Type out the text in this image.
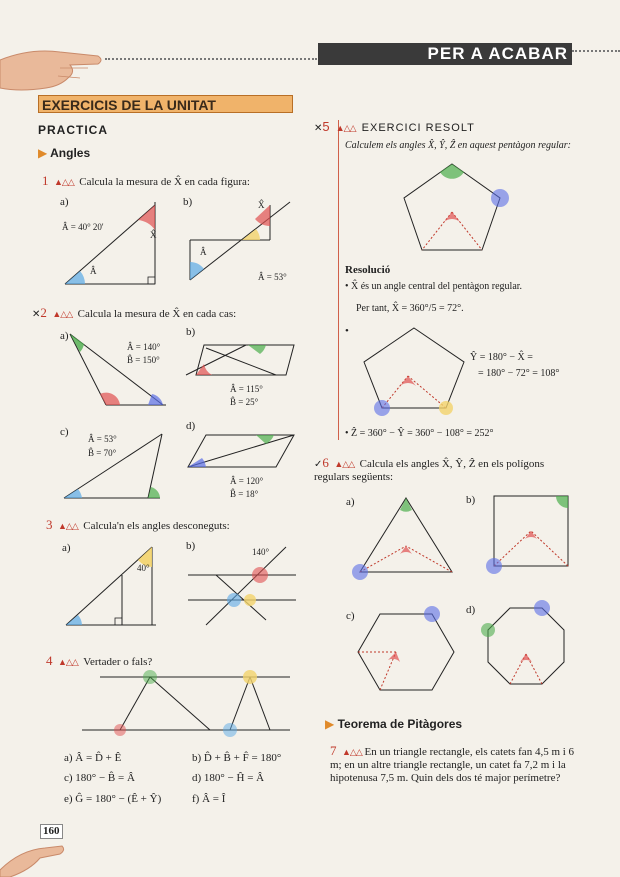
PER A ACABAR
EXERCICIS DE LA UNITAT
PRACTICA
▶ Angles
1 ▲△△ Calcula la mesura de X̂ en cada figura:
a)	b)
Â = 40° 20'
Â
X̂
X̂
Â
Â = 53°
✕2 ▲△△ Calcula la mesura de X̂ en cada cas:
a)	b)
Â = 140°
B̂ = 150°
Â = 115°
B̂ = 25°
c)	d)
Â = 53°
B̂ = 70°
Â = 120°
B̂ = 18°
3 ▲△△ Calcula'n els angles desconeguts:
a)	b)
40°
140°
4 ▲△△ Vertader o fals?
a) Â = D̂ + Ê	b) D̂ + B̂ + F̂ = 180°
c) 180° − B̂ = Â	d) 180° − Ĥ = Â
e) Ĝ = 180° − (Ê + Ŷ)	f) Â = Î
160
✕5 ▲△△ EXERCICI RESOLT
Calculem els angles X̂, Ŷ, Ẑ en aquest pentàgon regular:
Resolució
• X̂ és un angle central del pentàgon regular.
Per tant, X̂ = 360°/5 = 72°.
•
Ŷ = 180° − X̂ =
= 180° − 72° = 108°
• Ẑ = 360° − Ŷ = 360° − 108° = 252°
✓6 ▲△△ Calcula els angles X̂, Ŷ, Ẑ en els polígons regulars següents:
a)	b)
c)	d)
▶ Teorema de Pitàgores
7 ▲△△ En un triangle rectangle, els catets fan 4,5 m i 6 m; en un altre triangle rectangle, un catet fa 7,2 m i la hipotenusa 7,5 m. Quin dels dos té major perímetre?
